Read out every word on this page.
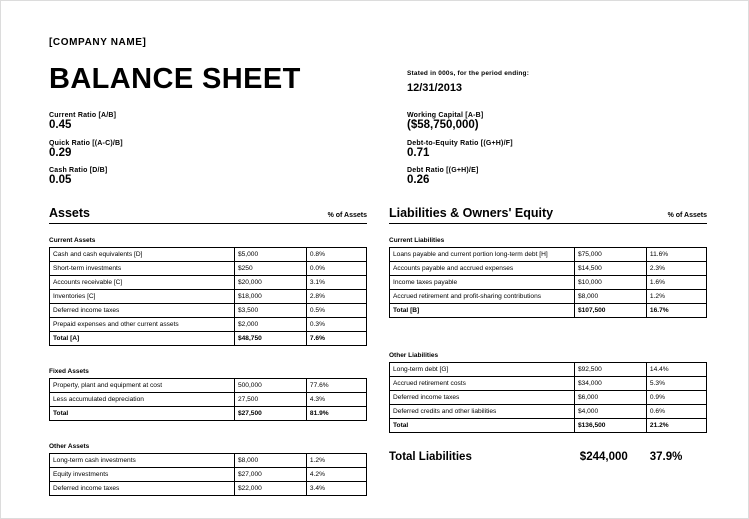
[COMPANY NAME]
BALANCE SHEET	Stated in 000s, for the period ending:
12/31/2013
Current Ratio [A/B]
0.45
Quick Ratio [(A-C)/B]
0.29
Cash Ratio [D/B]
0.05
Working Capital [A-B]
($58,750,000)
Debt-to-Equity Ratio [(G+H)/F]
0.71
Debt Ratio [(G+H)/E]
0.26
Assets	% of Assets
Current Assets
Cash and cash equivalents [D]	$5,000	0.8%
Short-term investments	$250	0.0%
Accounts receivable [C]	$20,000	3.1%
Inventories [C]	$18,000	2.8%
Deferred income taxes	$3,500	0.5%
Prepaid expenses and other current assets	$2,000	0.3%
Total [A]	$48,750	7.6%
Fixed Assets
Property, plant and equipment at cost	500,000	77.6%
Less accumulated depreciation	27,500	4.3%
Total	$27,500	81.9%
Other Assets
Long-term cash investments	$8,000	1.2%
Equity investments	$27,000	4.2%
Deferred income taxes	$22,000	3.4%
Liabilities & Owners' Equity	% of Assets
Current Liabilities
Loans payable and current portion long-term debt [H]	$75,000	11.6%
Accounts payable and accrued expenses	$14,500	2.3%
Income taxes payable	$10,000	1.6%
Accrued retirement and profit-sharing contributions	$8,000	1.2%
Total [B]	$107,500	16.7%
Other Liabilities
Long-term debt [G]	$92,500	14.4%
Accrued retirement costs	$34,000	5.3%
Deferred income taxes	$6,000	0.9%
Deferred credits and other liabilities	$4,000	0.6%
Total	$136,500	21.2%
Total Liabilities	$244,000	37.9%
